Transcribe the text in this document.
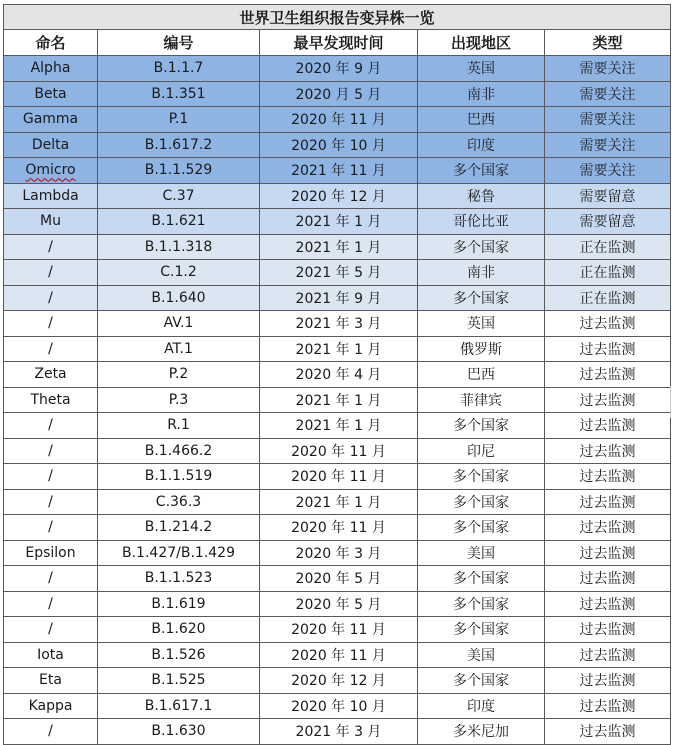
世界卫生组织报告变异株一览				
命名	编号	最早发现时间	出现地区	类型
Alpha	B.1.1.7	2020 年 9 月	英国	需要关注
Beta	B.1.351	2020 月 5 月	南非	需要关注
Gamma	P.1	2020 年 11 月	巴西	需要关注
Delta	B.1.617.2	2020 年 10 月	印度	需要关注
Omicro	B.1.1.529	2021 年 11 月	多个国家	需要关注
Lambda	C.37	2020 年 12 月	秘鲁	需要留意
Mu	B.1.621	2021 年 1 月	哥伦比亚	需要留意
/	B.1.1.318	2021 年 1 月	多个国家	正在监测
/	C.1.2	2021 年 5 月	南非	正在监测
/	B.1.640	2021 年 9 月	多个国家	正在监测
/	AV.1	2021 年 3 月	英国	过去监测
/	AT.1	2021 年 1 月	俄罗斯	过去监测
Zeta	P.2	2020 年 4 月	巴西	过去监测
Theta	P.3	2021 年 1 月	菲律宾	过去监测
/	R.1	2021 年 1 月	多个国家	过去监测
/	B.1.466.2	2020 年 11 月	印尼	过去监测
/	B.1.1.519	2020 年 11 月	多个国家	过去监测
/	C.36.3	2021 年 1 月	多个国家	过去监测
/	B.1.214.2	2020 年 11 月	多个国家	过去监测
Epsilon	B.1.427/B.1.429	2020 年 3 月	美国	过去监测
/	B.1.1.523	2020 年 5 月	多个国家	过去监测
/	B.1.619	2020 年 5 月	多个国家	过去监测
/	B.1.620	2020 年 11 月	多个国家	过去监测
Iota	B.1.526	2020 年 11 月	美国	过去监测
Eta	B.1.525	2020 年 12 月	多个国家	过去监测
Kappa	B.1.617.1	2020 年 10 月	印度	过去监测
/	B.1.630	2021 年 3 月	多米尼加	过去监测
